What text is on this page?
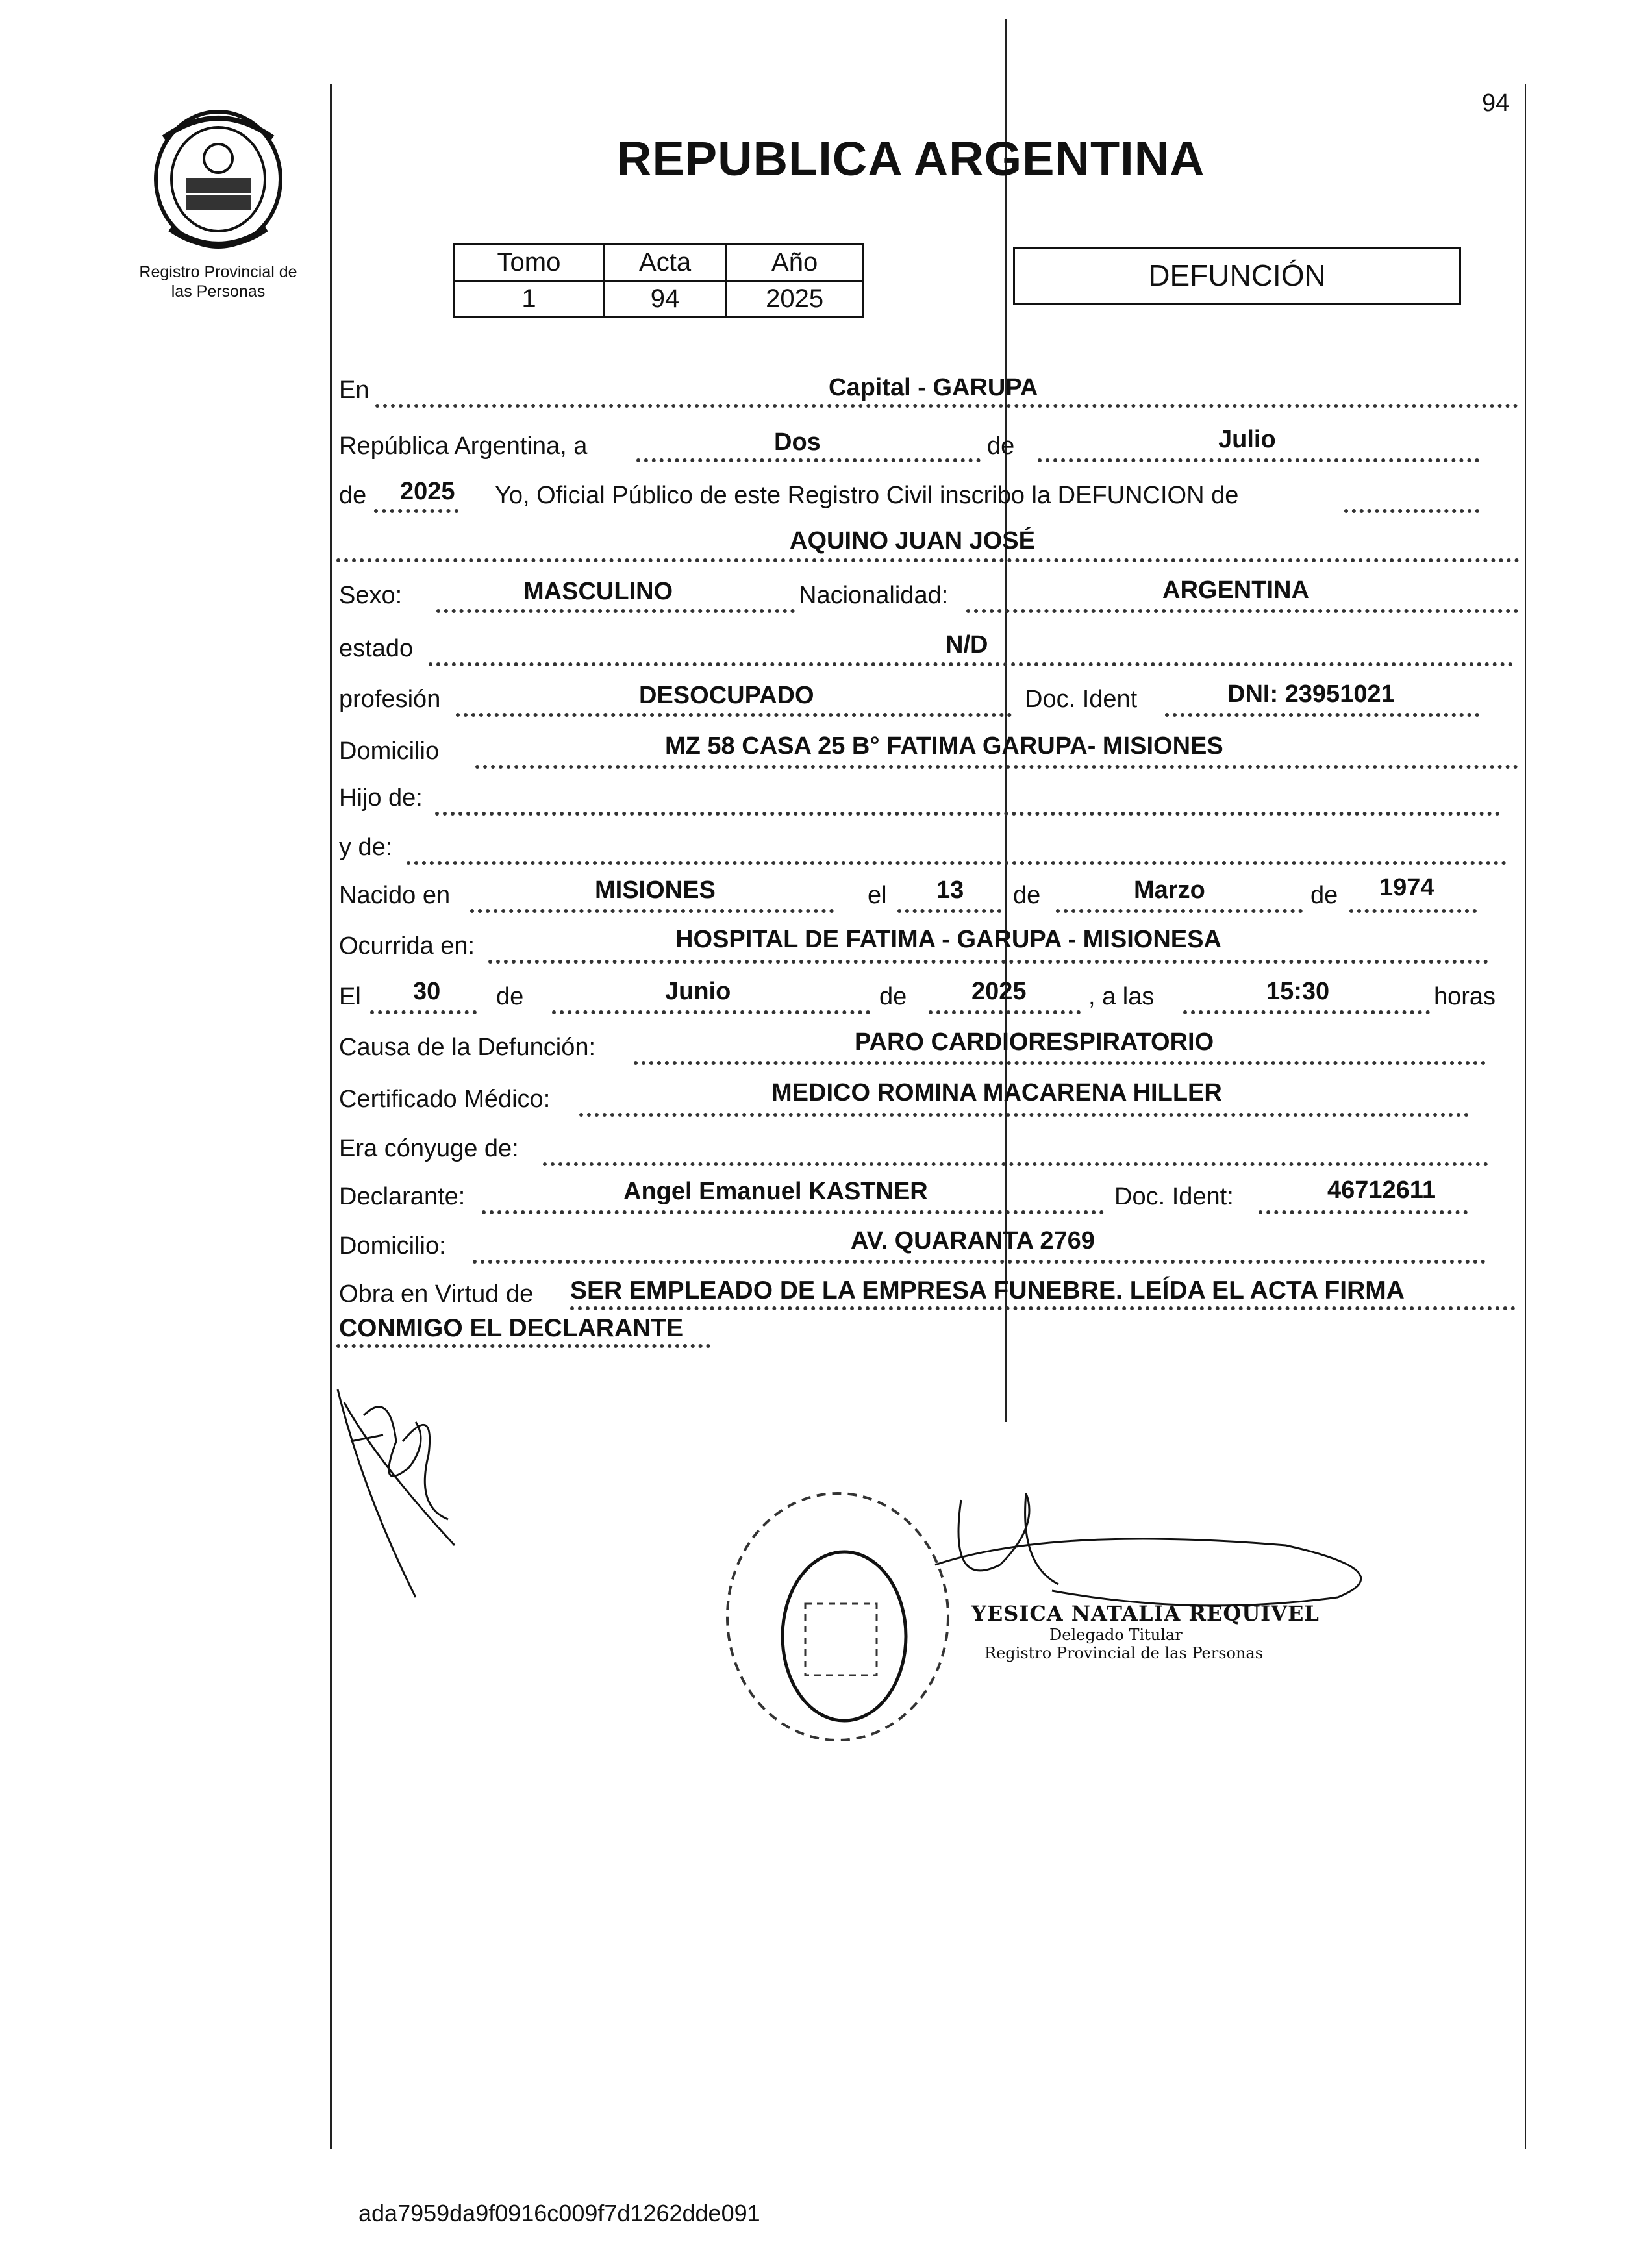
94
Registro Provincial de
las Personas
REPUBLICA ARGENTINA
Tomo	Acta	Año
1	94	2025
DEFUNCIÓN
En	Capital - GARUPA
República Argentina, a	Dos	de	Julio
de 2025 Yo, Oficial Público de este Registro Civil inscribo la DEFUNCION de
AQUINO JUAN JOSÉ
Sexo:	MASCULINO	Nacionalidad:	ARGENTINA
estado	N/D
profesión	DESOCUPADO	Doc. Ident	DNI: 23951021
Domicilio	MZ 58 CASA 25 B° FATIMA GARUPA- MISIONES
Hijo de:
y de:
Nacido en	MISIONES	el 13 de	Marzo	de 1974
Ocurrida en:	HOSPITAL DE FATIMA - GARUPA - MISIONESA
El 30 de	Junio	de	2025	, a las	15:30	horas
Causa de la Defunción:	PARO CARDIORESPIRATORIO
Certificado Médico:	MEDICO ROMINA MACARENA HILLER
Era cónyuge de:
Declarante:	Angel Emanuel KASTNER	Doc. Ident:	46712611
Domicilio:	AV. QUARANTA 2769
Obra en Virtud de SER EMPLEADO DE LA EMPRESA FUNEBRE. LEÍDA EL ACTA FIRMA
CONMIGO EL DECLARANTE
YESICA NATALIA REQUIVEL
Delegado Titular
Registro Provincial de las Personas
ada7959da9f0916c009f7d1262dde091
